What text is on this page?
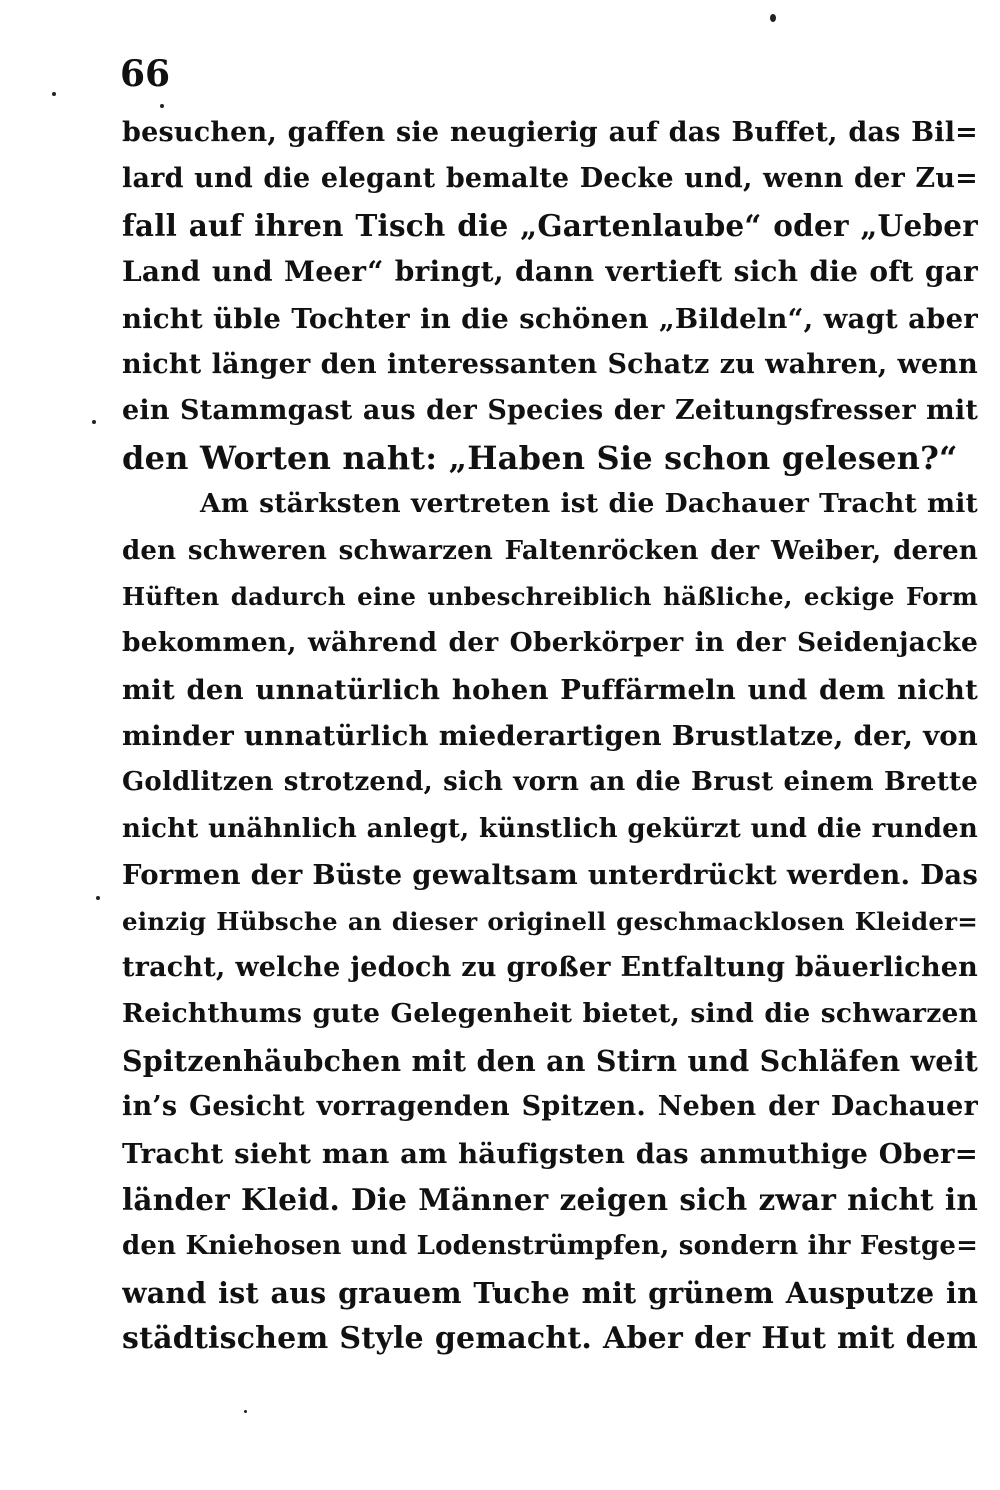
66
besuchen, gaffen sie neugierig auf das Buffet, das Bil=
lard und die elegant bemalte Decke und, wenn der Zu=
fall auf ihren Tisch die „Gartenlaube“ oder „Ueber
Land und Meer“ bringt, dann vertieft sich die oft gar
nicht üble Tochter in die schönen „Bildeln“, wagt aber
nicht länger den interessanten Schatz zu wahren, wenn
ein Stammgast aus der Species der Zeitungsfresser mit
den Worten naht: „Haben Sie schon gelesen?“
Am stärksten vertreten ist die Dachauer Tracht mit
den schweren schwarzen Faltenröcken der Weiber, deren
Hüften dadurch eine unbeschreiblich häßliche, eckige Form
bekommen, während der Oberkörper in der Seidenjacke
mit den unnatürlich hohen Puffärmeln und dem nicht
minder unnatürlich miederartigen Brustlatze, der, von
Goldlitzen strotzend, sich vorn an die Brust einem Brette
nicht unähnlich anlegt, künstlich gekürzt und die runden
Formen der Büste gewaltsam unterdrückt werden. Das
einzig Hübsche an dieser originell geschmacklosen Kleider=
tracht, welche jedoch zu großer Entfaltung bäuerlichen
Reichthums gute Gelegenheit bietet, sind die schwarzen
Spitzenhäubchen mit den an Stirn und Schläfen weit
in’s Gesicht vorragenden Spitzen. Neben der Dachauer
Tracht sieht man am häufigsten das anmuthige Ober=
länder Kleid. Die Männer zeigen sich zwar nicht in
den Kniehosen und Lodenstrümpfen, sondern ihr Festge=
wand ist aus grauem Tuche mit grünem Ausputze in
städtischem Style gemacht. Aber der Hut mit dem
